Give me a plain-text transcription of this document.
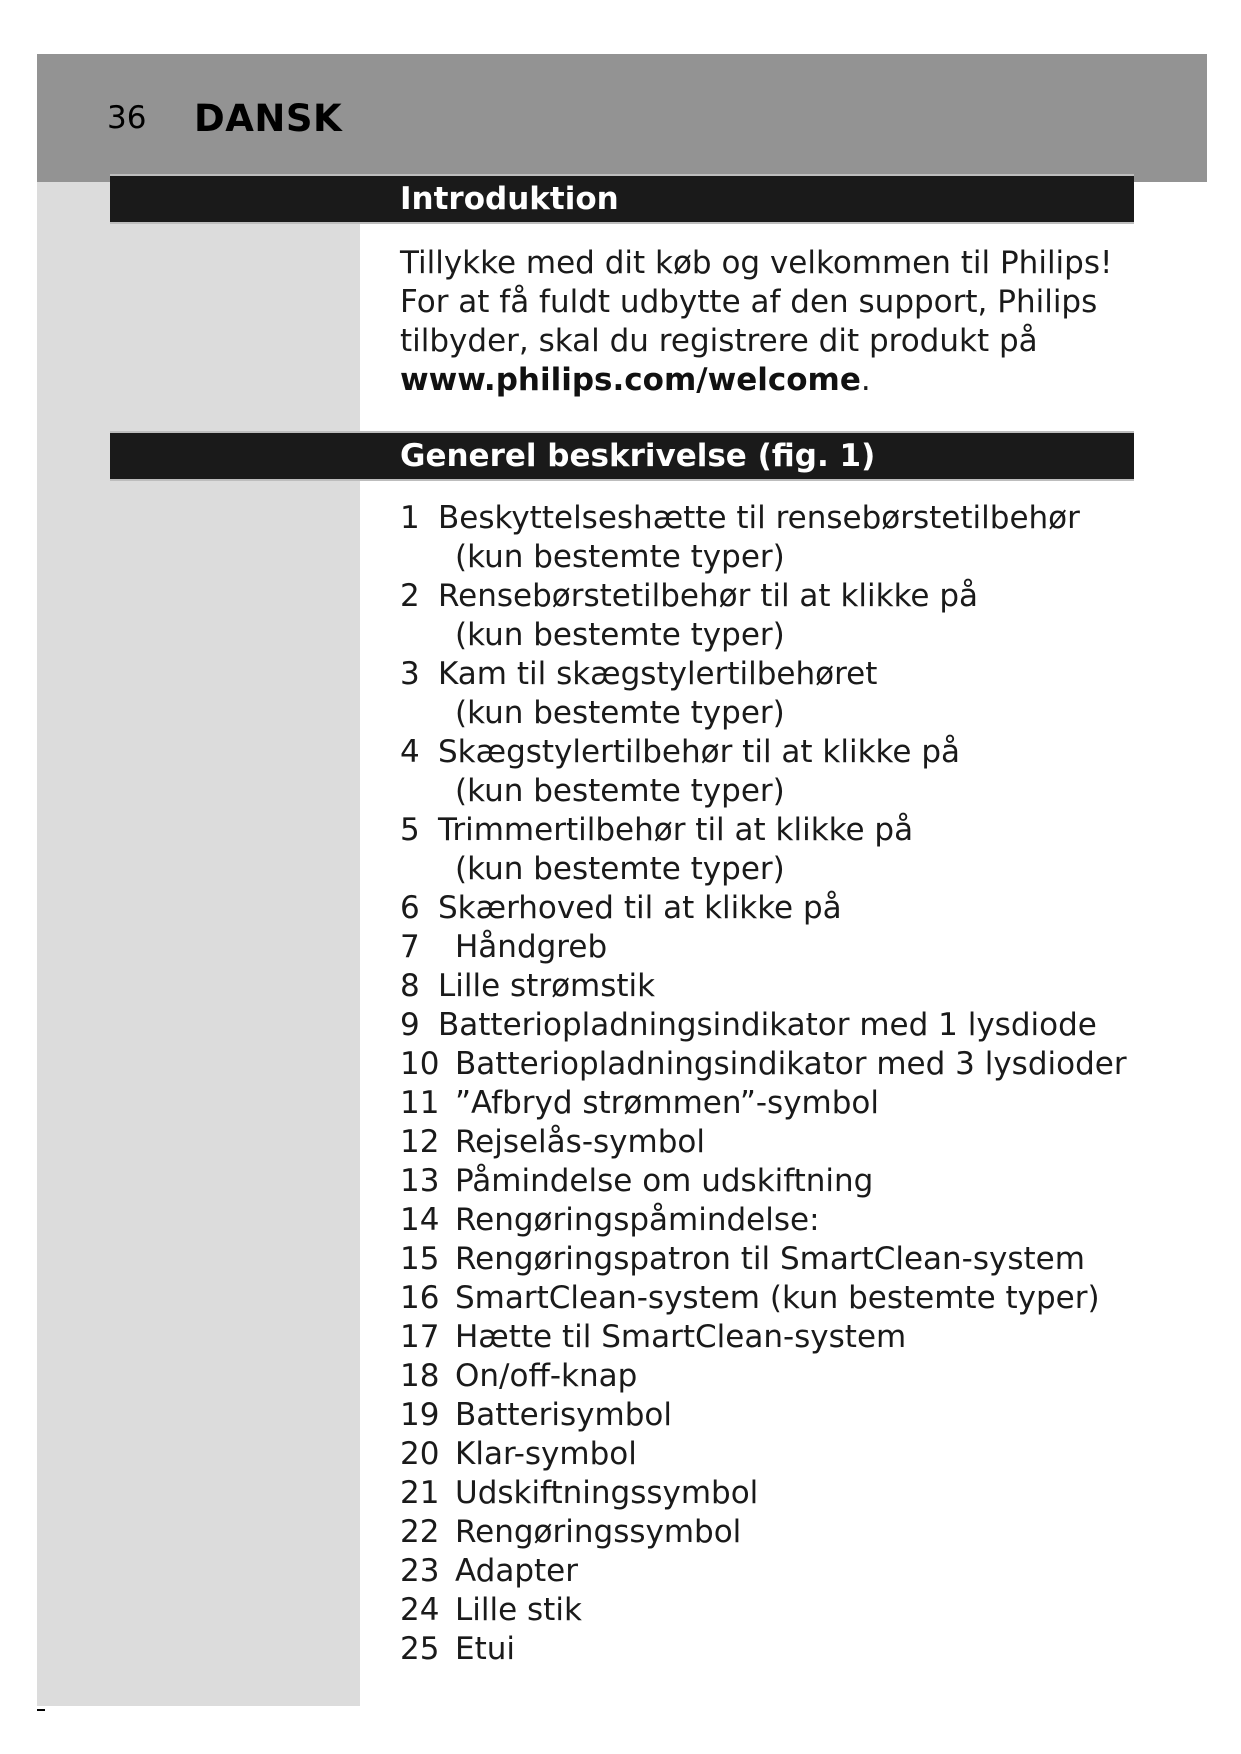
36 DANSK
Introduktion

Tillykke med dit køb og velkommen til Philips! For at få fuldt udbytte af den support, Philips tilbyder, skal du registrere dit produkt på
www.philips.com/welcome.

Generel beskrivelse (fig. 1)
1 Beskyttelseshætte til rensebørstetilbehør
(kun bestemte typer)
2 Rensebørstetilbehør til at klikke på
(kun bestemte typer)
3 Kam til skægstylertilbehøret
(kun bestemte typer)
4 Skægstylertilbehør til at klikke på
(kun bestemte typer)
5 Trimmertilbehør til at klikke på
(kun bestemte typer)
6 Skærhoved til at klikke på
7 Håndgreb
8 Lille strømstik
9 Batteriopladningsindikator med 1 lysdiode
10 Batteriopladningsindikator med 3 lysdioder
11 ”Afbryd strømmen”-symbol
12 Rejselås-symbol
13 Påmindelse om udskiftning
14 Rengøringspåmindelse:
15 Rengøringspatron til SmartClean-system
16 SmartClean-system (kun bestemte typer)
17 Hætte til SmartClean-system
18 On/off-knap
19 Batterisymbol
20 Klar-symbol
21 Udskiftningssymbol
22 Rengøringssymbol
23 Adapter
24 Lille stik
25 Etui
